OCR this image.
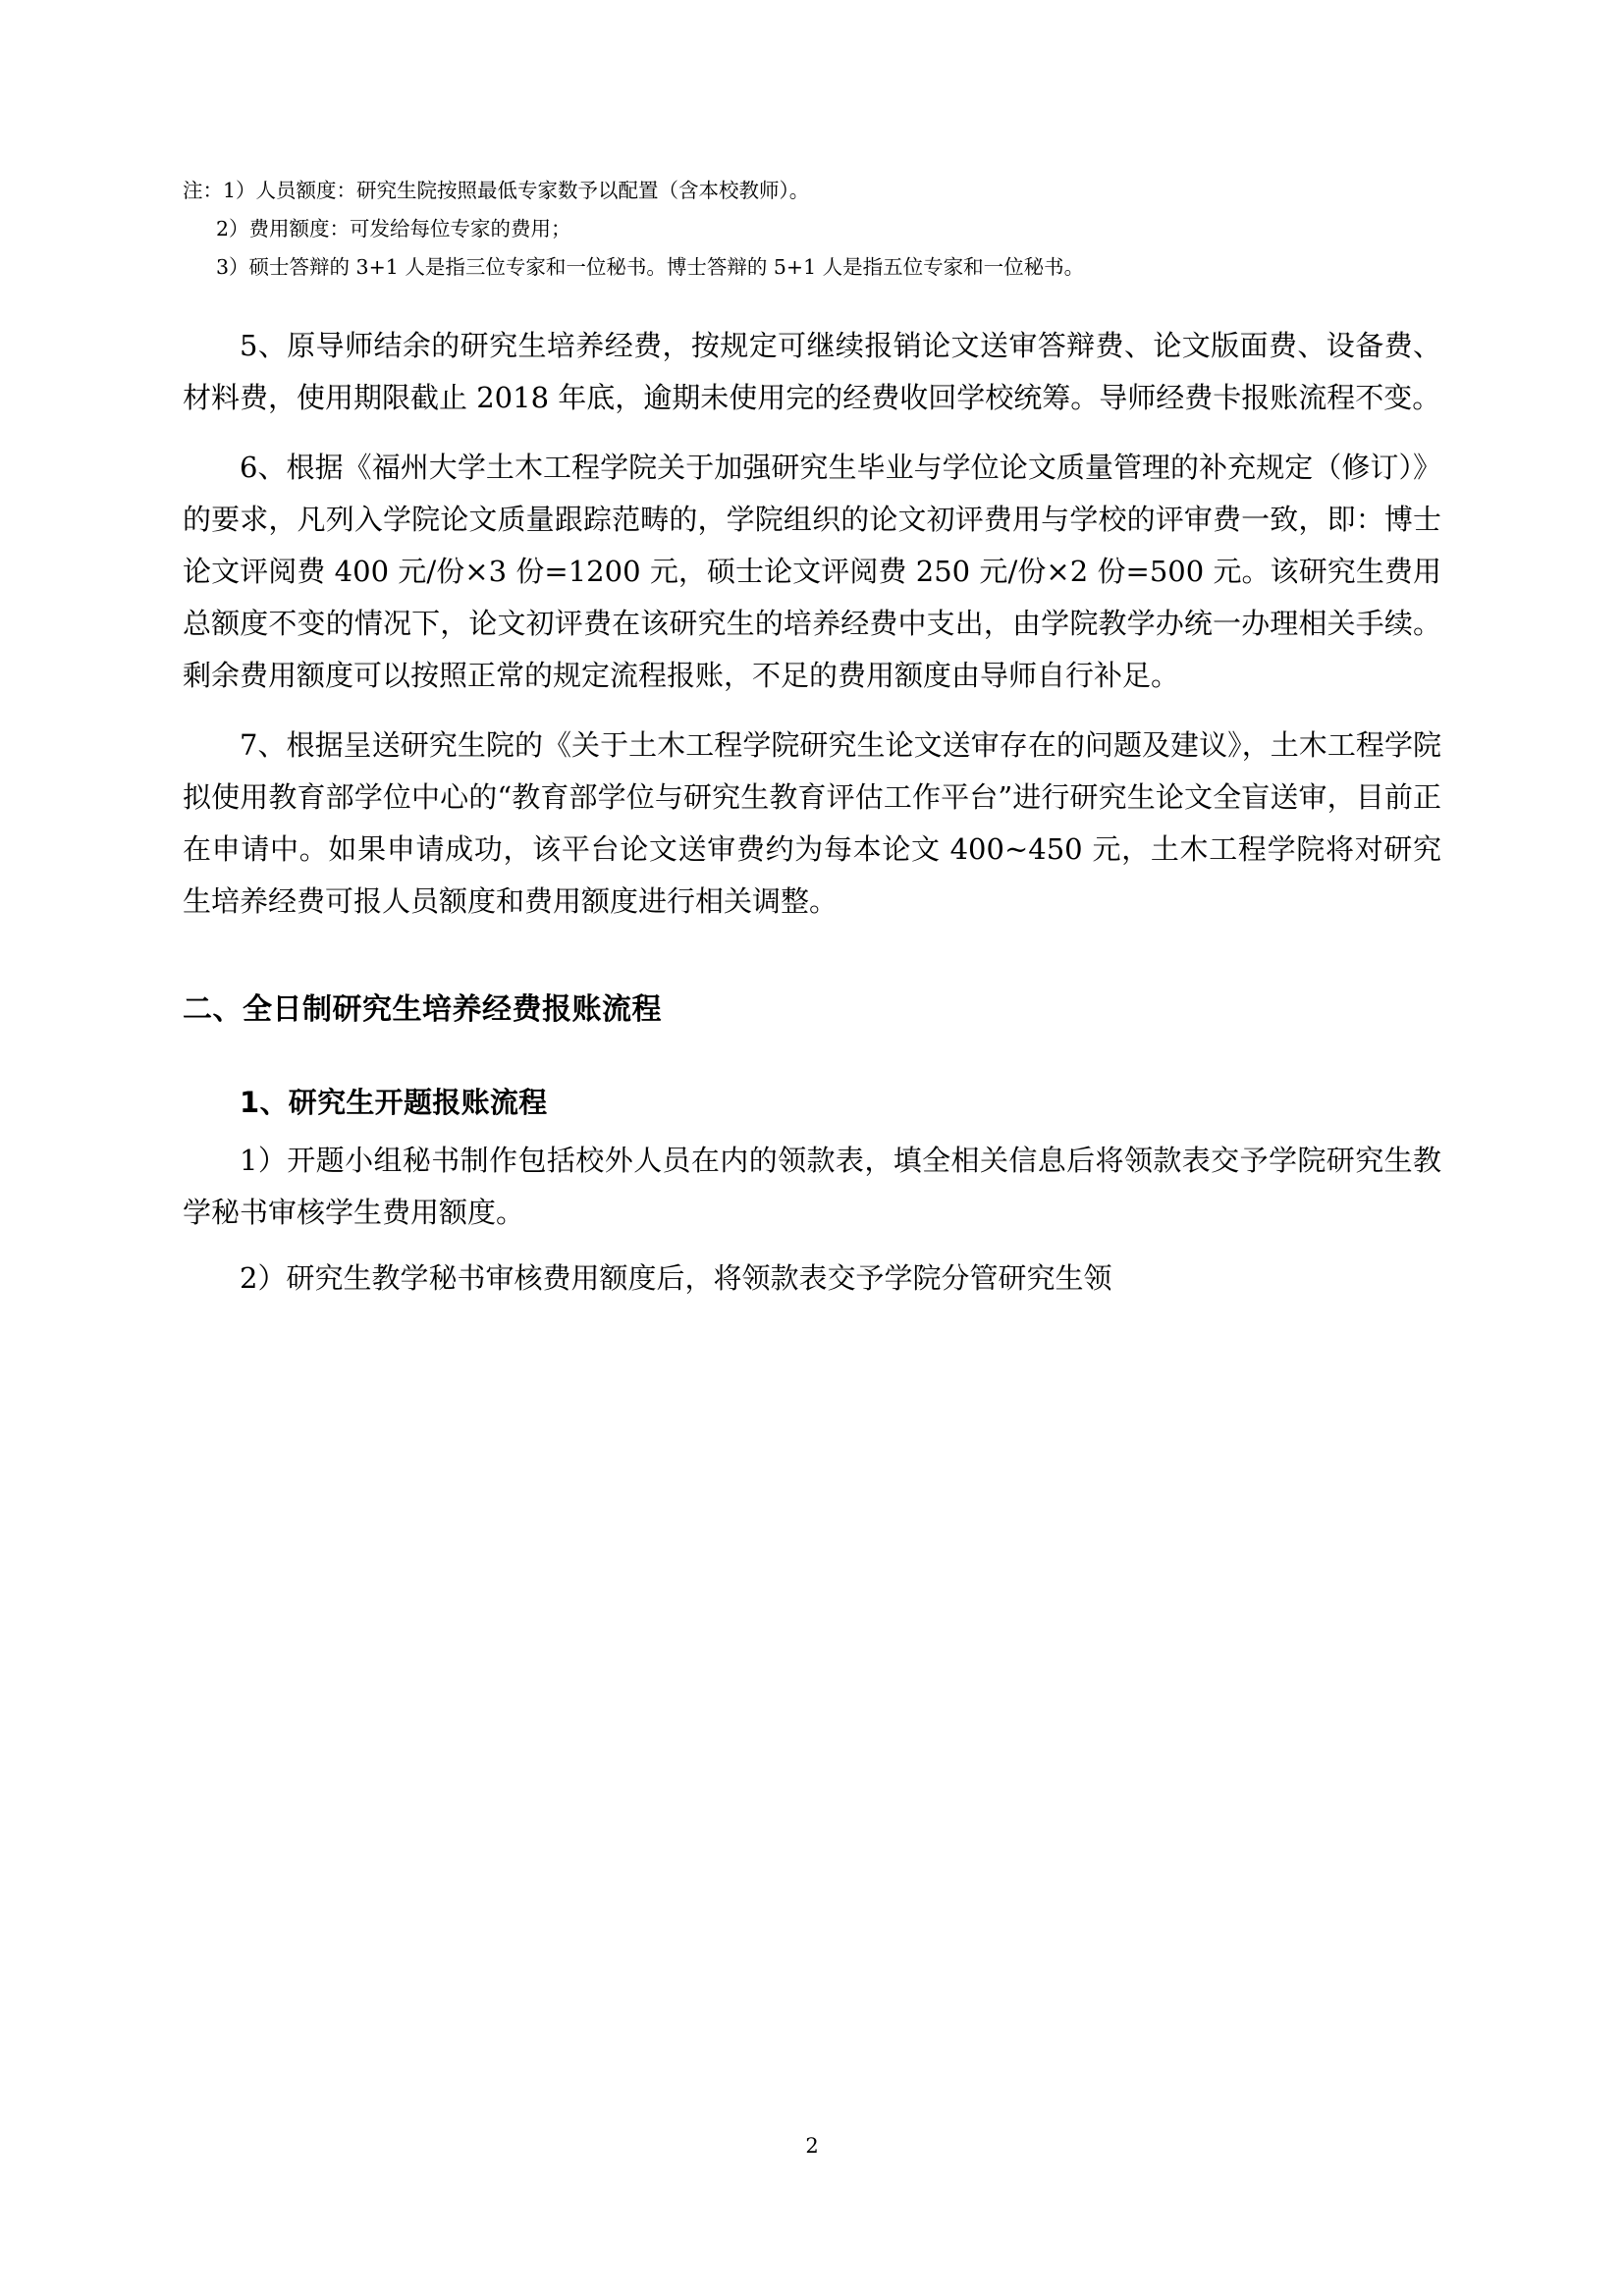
注：1）人员额度：研究生院按照最低专家数予以配置（含本校教师）。
2）费用额度：可发给每位专家的费用；
3）硕士答辩的 3+1 人是指三位专家和一位秘书。博士答辩的 5+1 人是指五位专家和一位秘书。

5、原导师结余的研究生培养经费，按规定可继续报销论文送审答辩费、论文版面费、设备费、材料费，使用期限截止 2018 年底，逾期未使用完的经费收回学校统筹。导师经费卡报账流程不变。

6、根据《福州大学土木工程学院关于加强研究生毕业与学位论文质量管理的补充规定（修订）》的要求，凡列入学院论文质量跟踪范畴的，学院组织的论文初评费用与学校的评审费一致，即：博士论文评阅费 400 元/份×3 份=1200 元，硕士论文评阅费 250 元/份×2 份=500 元。该研究生费用总额度不变的情况下，论文初评费在该研究生的培养经费中支出，由学院教学办统一办理相关手续。剩余费用额度可以按照正常的规定流程报账，不足的费用额度由导师自行补足。

7、根据呈送研究生院的《关于土木工程学院研究生论文送审存在的问题及建议》，土木工程学院拟使用教育部学位中心的“教育部学位与研究生教育评估工作平台”进行研究生论文全盲送审，目前正在申请中。如果申请成功，该平台论文送审费约为每本论文 400~450 元，土木工程学院将对研究生培养经费可报人员额度和费用额度进行相关调整。

二、全日制研究生培养经费报账流程
1、研究生开题报账流程

1）开题小组秘书制作包括校外人员在内的领款表，填全相关信息后将领款表交予学院研究生教学秘书审核学生费用额度。

2）研究生教学秘书审核费用额度后，将领款表交予学院分管研究生领

2
